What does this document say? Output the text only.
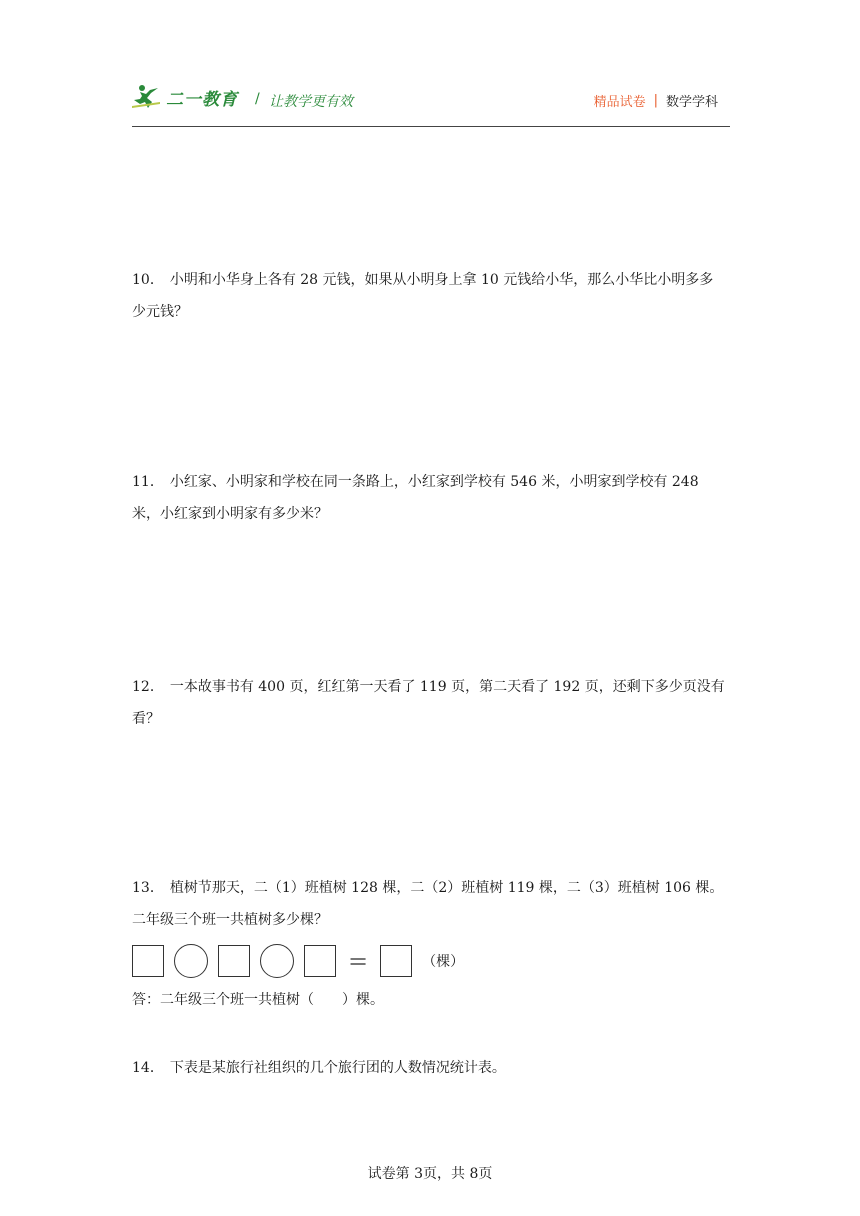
二一教育 / 让教学更有效	精品试卷 | 数学学科
10． 小明和小华身上各有 28 元钱，如果从小明身上拿 10 元钱给小华，那么小华比小明多多
少元钱？
11． 小红家、小明家和学校在同一条路上，小红家到学校有 546 米，小明家到学校有 248
米，小红家到小明家有多少米？
12． 一本故事书有 400 页，红红第一天看了 119 页，第二天看了 192 页，还剩下多少页没有
看？
13． 植树节那天，二（1）班植树 128 棵，二（2）班植树 119 棵，二（3）班植树 106 棵。
二年级三个班一共植树多少棵？
=	（棵）
答：二年级三个班一共植树（　　）棵。
14． 下表是某旅行社组织的几个旅行团的人数情况统计表。
试卷第 3页，共 8页
